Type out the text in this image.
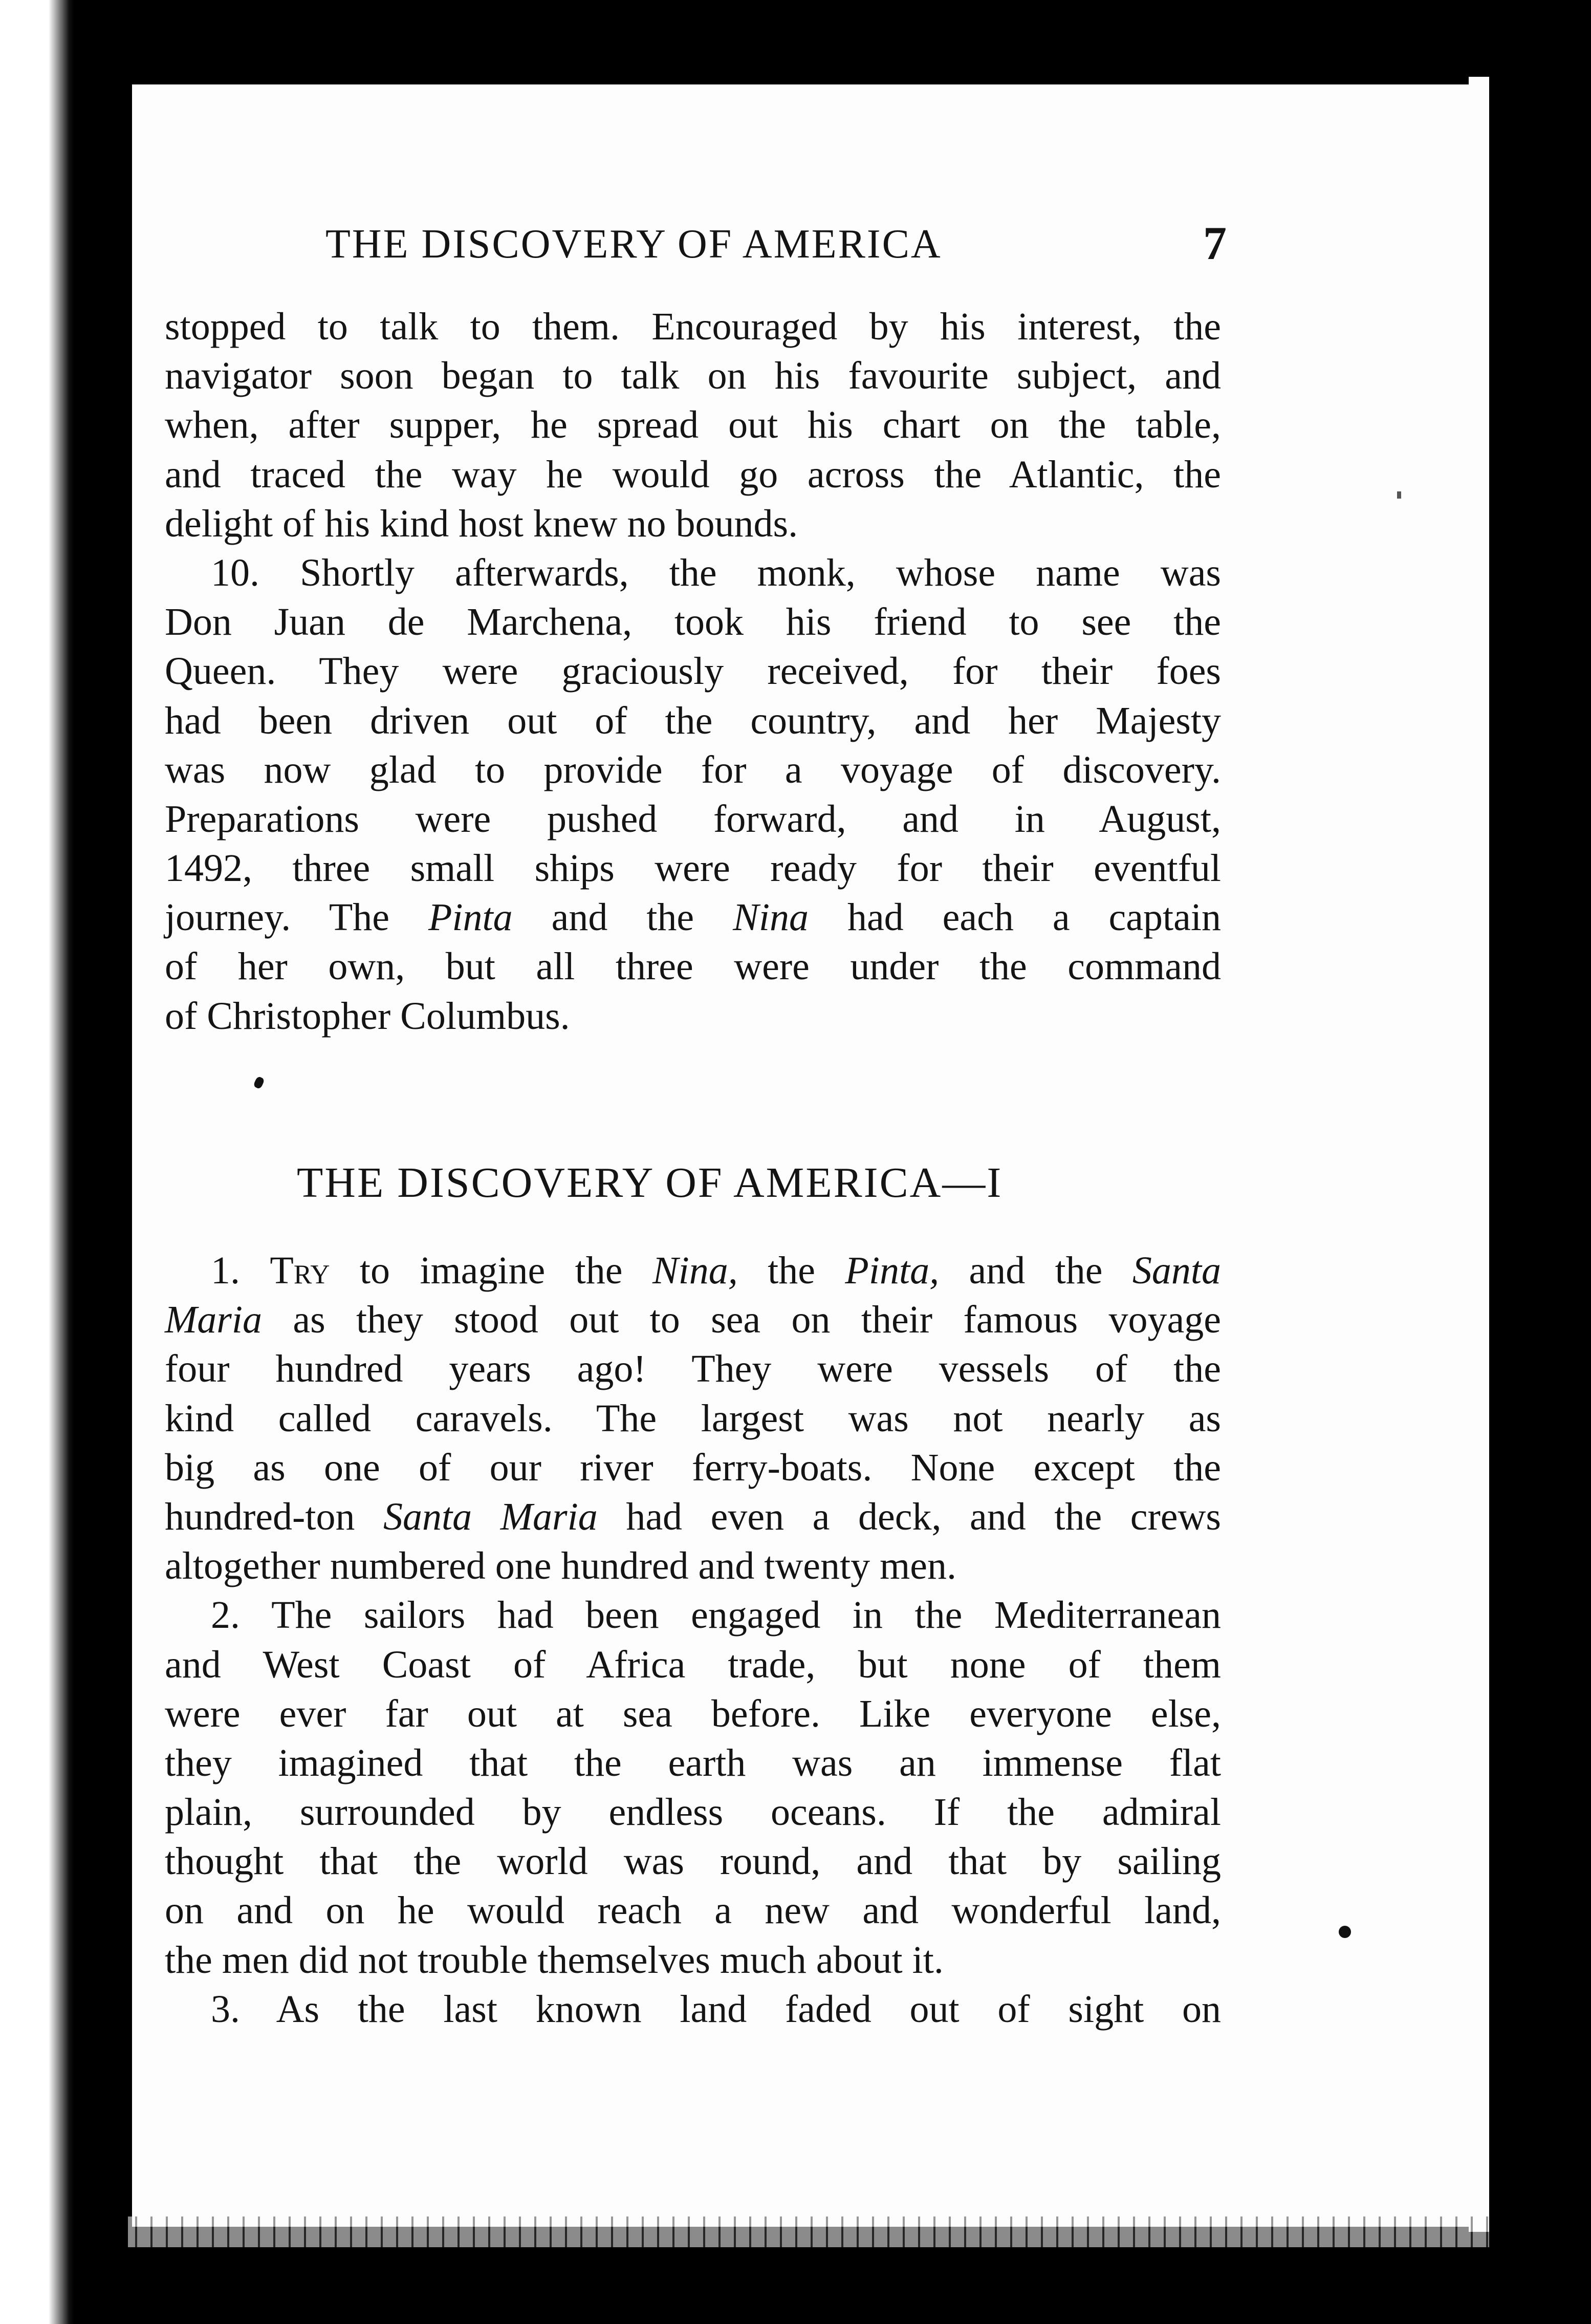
THE DISCOVERY OF AMERICA	7
stopped to talk to them. Encouraged by his interest, the
navigator soon began to talk on his favourite subject, and
when, after supper, he spread out his chart on the table,
and traced the way he would go across the Atlantic, the
delight of his kind host knew no bounds.
10. Shortly afterwards, the monk, whose name was
Don Juan de Marchena, took his friend to see the
Queen. They were graciously received, for their foes
had been driven out of the country, and her Majesty
was now glad to provide for a voyage of discovery.
Preparations were pushed forward, and in August,
1492, three small ships were ready for their eventful
journey. The Pinta and the Nina had each a captain
of her own, but all three were under the command
of Christopher Columbus.
THE DISCOVERY OF AMERICA—I
1. Try to imagine the Nina, the Pinta, and the Santa
Maria as they stood out to sea on their famous voyage
four hundred years ago! They were vessels of the
kind called caravels. The largest was not nearly as
big as one of our river ferry-boats. None except the
hundred-ton Santa Maria had even a deck, and the crews
altogether numbered one hundred and twenty men.
2. The sailors had been engaged in the Mediterranean
and West Coast of Africa trade, but none of them
were ever far out at sea before. Like everyone else,
they imagined that the earth was an immense flat
plain, surrounded by endless oceans. If the admiral
thought that the world was round, and that by sailing
on and on he would reach a new and wonderful land,
the men did not trouble themselves much about it.
3. As the last known land faded out of sight on
